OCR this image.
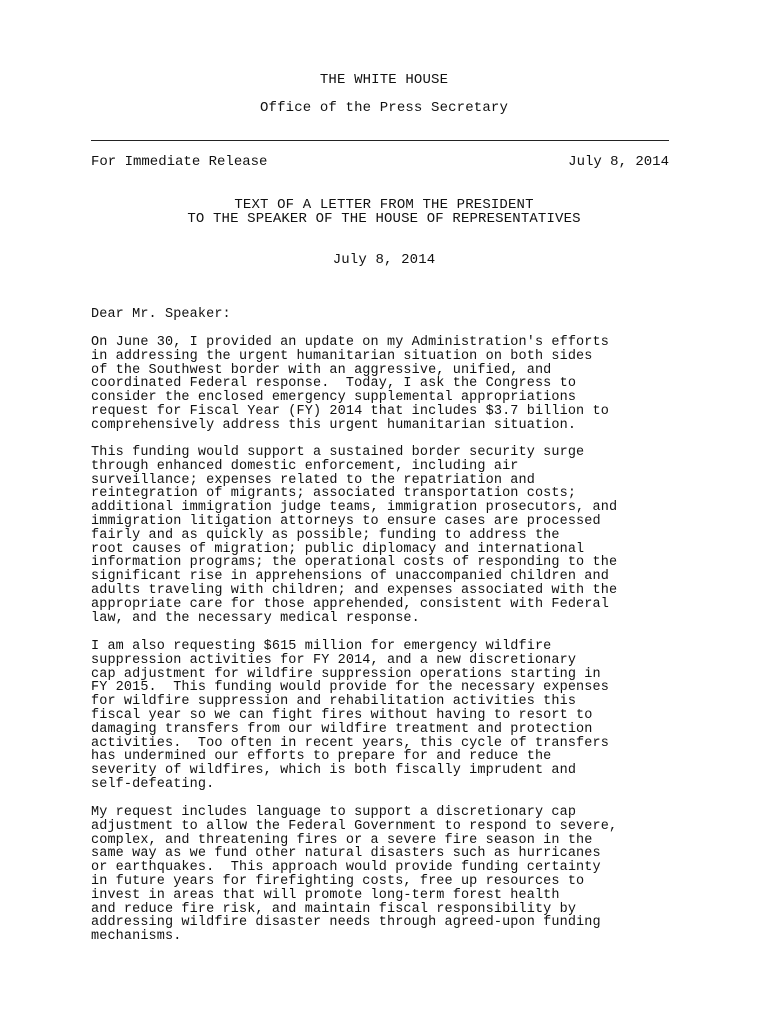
THE WHITE HOUSE
Office of the Press Secretary
For Immediate Release	July 8, 2014
TEXT OF A LETTER FROM THE PRESIDENT
TO THE SPEAKER OF THE HOUSE OF REPRESENTATIVES
July 8, 2014
Dear Mr. Speaker:
On June 30, I provided an update on my Administration's efforts
in addressing the urgent humanitarian situation on both sides
of the Southwest border with an aggressive, unified, and
coordinated Federal response.  Today, I ask the Congress to
consider the enclosed emergency supplemental appropriations
request for Fiscal Year (FY) 2014 that includes $3.7 billion to
comprehensively address this urgent humanitarian situation.
This funding would support a sustained border security surge
through enhanced domestic enforcement, including air
surveillance; expenses related to the repatriation and
reintegration of migrants; associated transportation costs;
additional immigration judge teams, immigration prosecutors, and
immigration litigation attorneys to ensure cases are processed
fairly and as quickly as possible; funding to address the
root causes of migration; public diplomacy and international
information programs; the operational costs of responding to the
significant rise in apprehensions of unaccompanied children and
adults traveling with children; and expenses associated with the
appropriate care for those apprehended, consistent with Federal
law, and the necessary medical response.
I am also requesting $615 million for emergency wildfire
suppression activities for FY 2014, and a new discretionary
cap adjustment for wildfire suppression operations starting in
FY 2015.  This funding would provide for the necessary expenses
for wildfire suppression and rehabilitation activities this
fiscal year so we can fight fires without having to resort to
damaging transfers from our wildfire treatment and protection
activities.  Too often in recent years, this cycle of transfers
has undermined our efforts to prepare for and reduce the
severity of wildfires, which is both fiscally imprudent and
self-defeating.
My request includes language to support a discretionary cap
adjustment to allow the Federal Government to respond to severe,
complex, and threatening fires or a severe fire season in the
same way as we fund other natural disasters such as hurricanes
or earthquakes.  This approach would provide funding certainty
in future years for firefighting costs, free up resources to
invest in areas that will promote long-term forest health
and reduce fire risk, and maintain fiscal responsibility by
addressing wildfire disaster needs through agreed-upon funding
mechanisms.
